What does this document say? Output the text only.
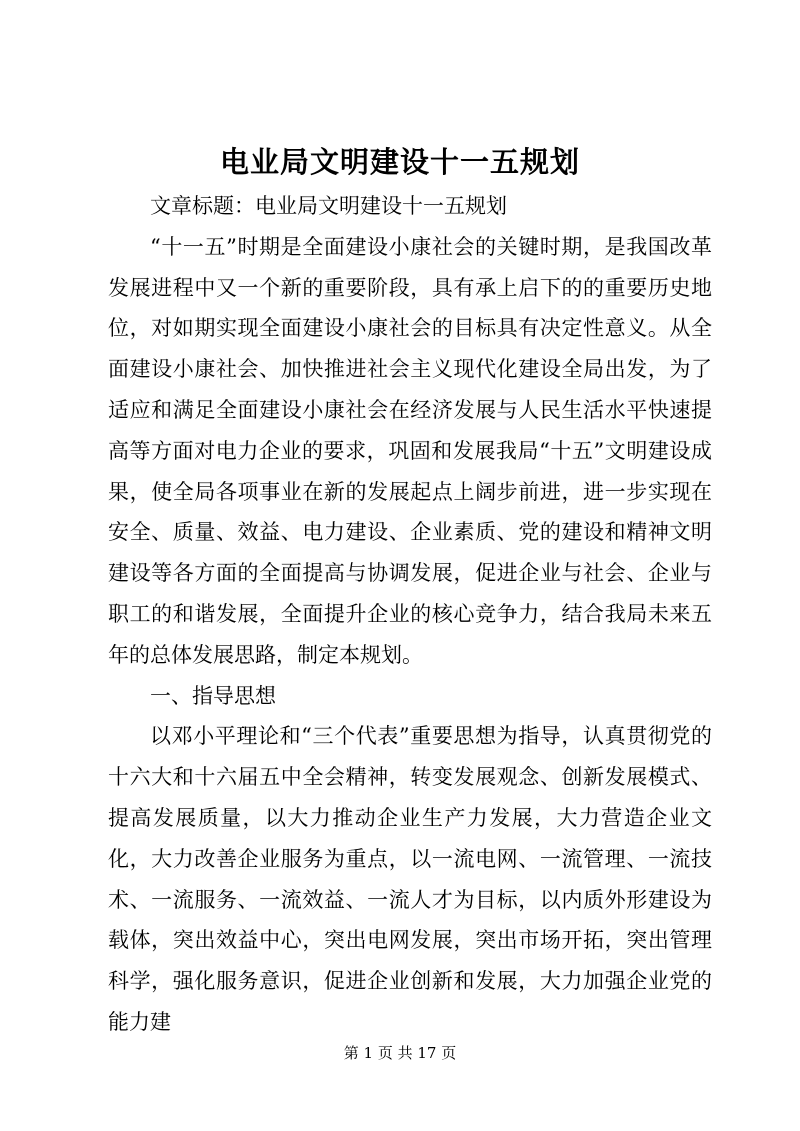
电业局文明建设十一五规划

文章标题：电业局文明建设十一五规划

“十一五”时期是全面建设小康社会的关键时期，是我国改革发展进程中又一个新的重要阶段，具有承上启下的的重要历史地位，对如期实现全面建设小康社会的目标具有决定性意义。从全面建设小康社会、加快推进社会主义现代化建设全局出发，为了适应和满足全面建设小康社会在经济发展与人民生活水平快速提高等方面对电力企业的要求，巩固和发展我局“十五”文明建设成果，使全局各项事业在新的发展起点上阔步前进，进一步实现在安全、质量、效益、电力建设、企业素质、党的建设和精神文明建设等各方面的全面提高与协调发展，促进企业与社会、企业与职工的和谐发展，全面提升企业的核心竞争力，结合我局未来五年的总体发展思路，制定本规划。

一、指导思想

以邓小平理论和“三个代表”重要思想为指导，认真贯彻党的十六大和十六届五中全会精神，转变发展观念、创新发展模式、提高发展质量，以大力推动企业生产力发展，大力营造企业文化，大力改善企业服务为重点，以一流电网、一流管理、一流技术、一流服务、一流效益、一流人才为目标，以内质外形建设为载体，突出效益中心，突出电网发展，突出市场开拓，突出管理科学，强化服务意识，促进企业创新和发展，大力加强企业党的能力建

第 1 页 共 17 页
